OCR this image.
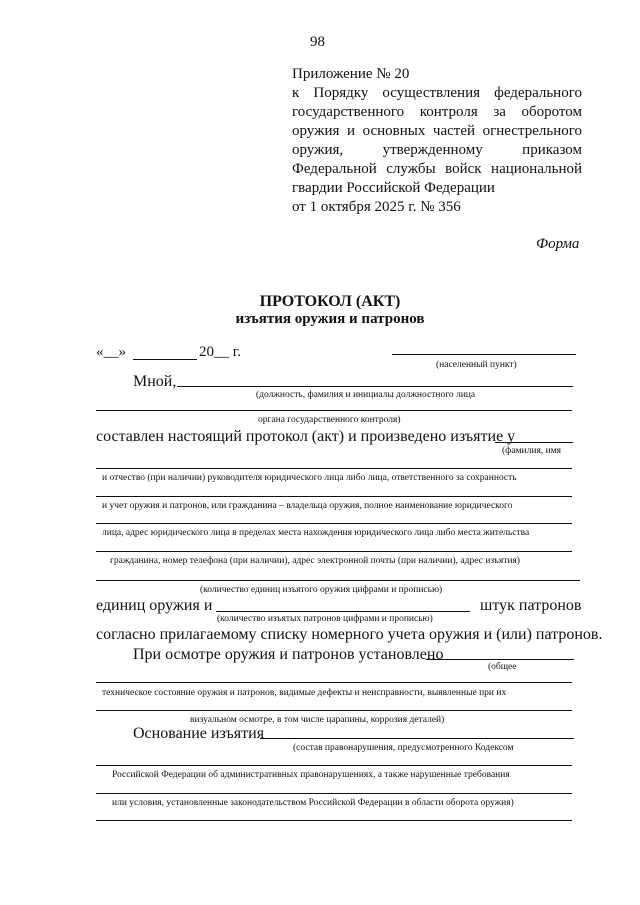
98
Приложение № 20
к Порядку осуществления федерального
государственного контроля за оборотом
оружия и основных частей огнестрельного
оружия, утвержденному приказом
Федеральной службы войск национальной
гвардии Российской Федерации
от 1 октября 2025 г. № 356
Форма
ПРОТОКОЛ (АКТ)
изъятия оружия и патронов
«__»	20__ г.
(населенный пункт)
Мной,
(должность, фамилия и инициалы должностного лица
органа государственного контроля)
составлен настоящий протокол (акт) и произведено изъятие у
(фамилия, имя
и отчество (при наличии) руководителя юридического лица либо лица, ответственного за сохранность
и учет оружия и патронов, или гражданина – владельца оружия, полное наименование юридического
лица, адрес юридического лица в пределах места нахождения юридического лица либо места жительства
гражданина, номер телефона (при наличии), адрес электронной почты (при наличии), адрес изъятия)
(количество единиц изъятого оружия цифрами и прописью)
единиц оружия и	штук патронов
(количество изъятых патронов цифрами и прописью)
согласно прилагаемому списку номерного учета оружия и (или) патронов.
При осмотре оружия и патронов установлено
(общее
техническое состояние оружия и патронов, видимые дефекты и неисправности, выявленные при их
визуальном осмотре, в том числе царапины, коррозия деталей)
Основание изъятия
(состав правонарушения, предусмотренного Кодексом
Российской Федерации об административных правонарушениях, а также нарушенные требования
или условия, установленные законодательством Российской Федерации в области оборота оружия)
